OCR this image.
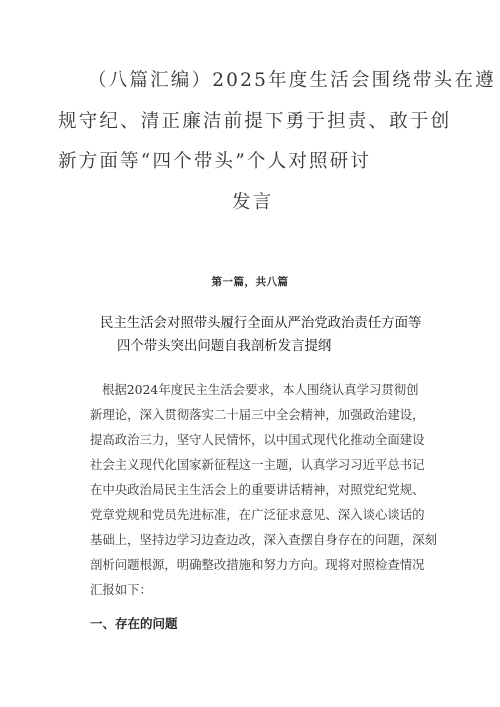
（八篇汇编）2025年度生活会围绕带头在遵
规守纪、清正廉洁前提下勇于担责、敢于创
新方面等“四个带头”个人对照研讨
发言
第一篇，共八篇
民主生活会对照带头履行全面从严治党政治责任方面等
四个带头突出问题自我剖析发言提纲
根据2024年度民主生活会要求，本人围绕认真学习贯彻创
新理论，深入贯彻落实二十届三中全会精神，加强政治建设，
提高政治三力，坚守人民情怀，以中国式现代化推动全面建设
社会主义现代化国家新征程这一主题，认真学习习近平总书记
在中央政治局民主生活会上的重要讲话精神，对照党纪党规、
党章党规和党员先进标准，在广泛征求意见、深入谈心谈话的
基础上，坚持边学习边查边改，深入查摆自身存在的问题，深刻
剖析问题根源，明确整改措施和努力方向。现将对照检查情况
汇报如下：
一、存在的问题
